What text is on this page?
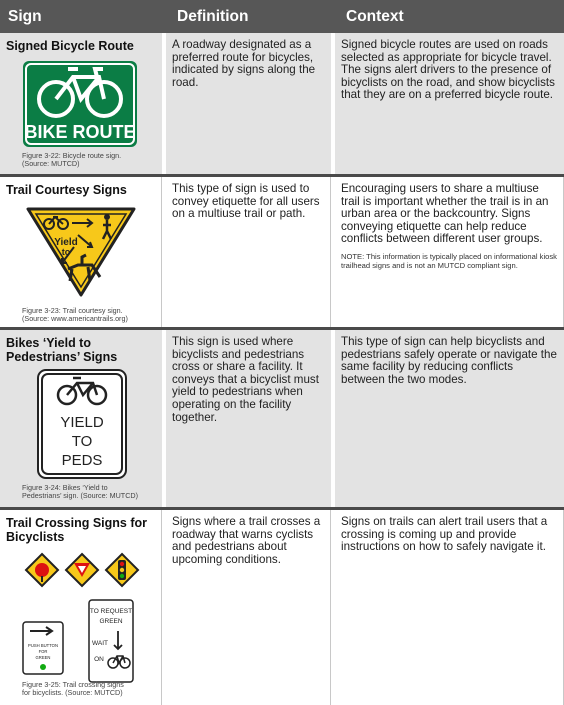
Sign	Definition	Context
Signed Bicycle Route
BIKE ROUTE
Figure 3-22: Bicycle route sign.
(Source: MUTCD)
A roadway designated as a preferred route for bicycles, indicated by signs along the road.
Signed bicycle routes are used on roads selected as appropriate for bicycle travel. The signs alert drivers to the presence of bicyclists on the road, and show bicyclists that they are on a preferred bicycle route.
Trail Courtesy Signs
Yield
to
Figure 3-23: Trail courtesy sign.
(Source: www.americantrails.org)
This type of sign is used to convey etiquette for all users on a multiuse trail or path.
Encouraging users to share a multiuse trail is important whether the trail is in an urban area or the backcountry. Signs conveying etiquette can help reduce conflicts between different user groups.
NOTE: This information is typically placed on informational kiosk trailhead signs and is not an MUTCD compliant sign.
Bikes ‘Yield to Pedestrians’ Signs
YIELD
TO
PEDS
Figure 3-24: Bikes ‘Yield to
Pedestrians’ sign. (Source: MUTCD)
This sign is used where bicyclists and pedestrians cross or share a facility. It conveys that a bicyclist must yield to pedestrians when operating on the facility together.
This type of sign can help bicyclists and pedestrians safely operate or navigate the same facility by reducing conflicts between the two modes.
Trail Crossing Signs for Bicyclists
PUSH BUTTON
FOR
GREEN
TO REQUEST
GREEN
WAIT
ON
Figure 3-25: Trail crossing signs
for bicyclists. (Source: MUTCD)
Signs where a trail crosses a roadway that warns cyclists and pedestrians about upcoming conditions.
Signs on trails can alert trail users that a crossing is coming up and provide instructions on how to safely navigate it.
